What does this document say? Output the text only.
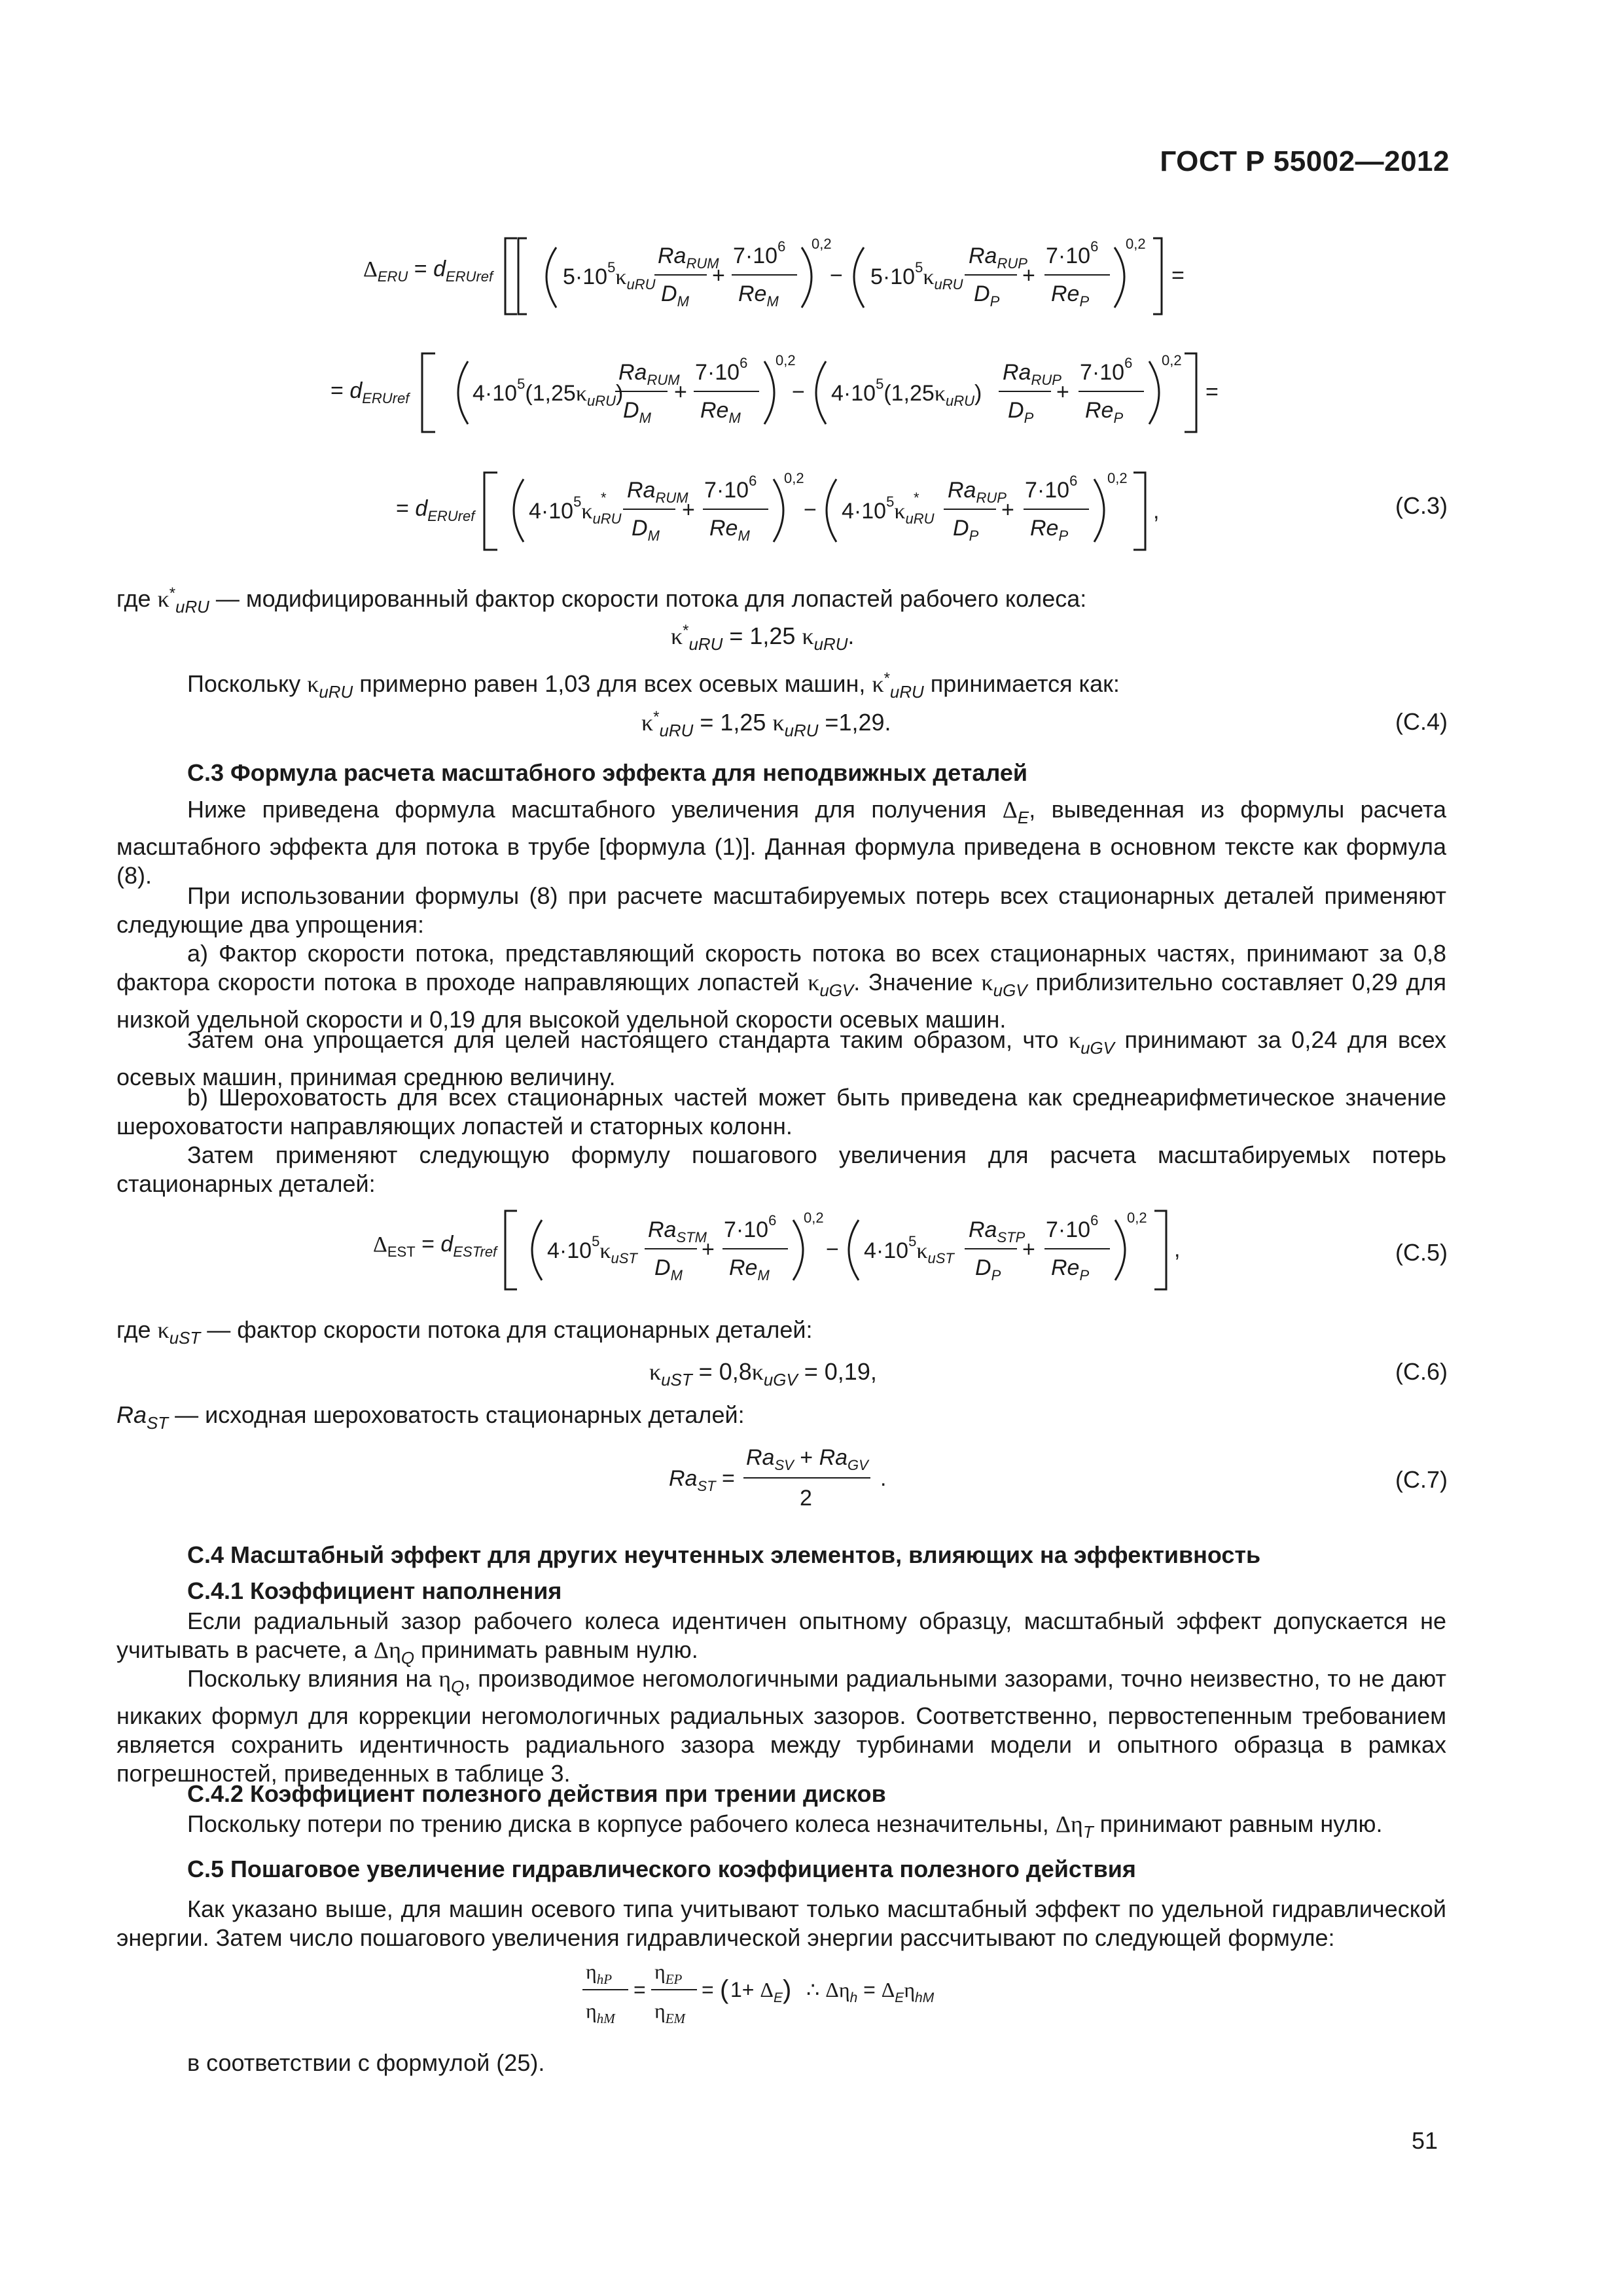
ГОСТ Р 55002—2012
$\Delta_{ERU} = d_{ERUref}$	$5\cdot 10^5\kappa_{uRU}$
$Ra_{RUM}$
$D_M$
+
$7\cdot 10^6$
$Re_M$
0,2
− $5\cdot 10^5\kappa_{uRU}$
$Ra_{RUP}$
$D_P$
+
$7\cdot 10^6$
$Re_P$
0,2
=
= $d_{ERUref}$	$4\cdot 10^5(1,25\kappa_{uRU})$
$Ra_{RUM}$
$D_M$
+
$7\cdot 10^6$
$Re_M$
0,2
− $4\cdot 10^5(1,25\kappa_{uRU})$
$Ra_{RUP}$
$D_P$
+
$7\cdot 10^6$
$Re_P$
0,2
=
= $d_{ERUref}$ $4\cdot 10^5\kappa_{uRU}$
* $Ra_{RUM}$
$D_M$
+
$7\cdot 10^6$
$Re_M$
0,2
− $4\cdot 10^5\kappa_{uRU}$
* $Ra_{RUP}$
$D_P$
+
$7\cdot 10^6$
$Re_P$
0,2
,	(С.3)
где $\kappa^*_{uRU}$ — модифицированный фактор скорости потока для лопастей рабочего колеса:
$\kappa^*_{uRU} = 1,25$ $\kappa_{uRU}$.
Поскольку $\kappa_{uRU}$ примерно равен 1,03 для всех осевых машин, $\kappa^*_{uRU}$ принимается как:
$\kappa^*_{uRU} = 1,25$ $\kappa_{uRU} =1,29$.	(С.4)
С.3 Формула расчета масштабного эффекта для неподвижных деталей
Ниже приведена формула масштабного увеличения для получения $\Delta_E$, выведенная из формулы расчета масштабного эффекта для потока в трубе [формула (1)]. Данная формула приведена в основном тексте как формула (8).
При использовании формулы (8) при расчете масштабируемых потерь всех стационарных деталей применяют следующие два упрощения:
а) Фактор скорости потока, представляющий скорость потока во всех стационарных частях, принимают за 0,8 фактора скорости потока в проходе направляющих лопастей $\kappa_{uGV}$. Значение $\kappa_{uGV}$ приблизительно составляет 0,29 для низкой удельной скорости и 0,19 для высокой удельной скорости осевых машин.
Затем она упрощается для целей настоящего стандарта таким образом, что $\kappa_{uGV}$ принимают за 0,24 для всех осевых машин, принимая среднюю величину.
b) Шероховатость для всех стационарных частей может быть приведена как среднеарифметическое значение шероховатости направляющих лопастей и статорных колонн.
Затем применяют следующую формулу пошагового увеличения для расчета масштабируемых потерь стационарных деталей:
$\Delta_{EST} = d_{ESTref}$ $4\cdot 10^5\kappa_{uST}$
$Ra_{STM}$
$D_M$
+
$7\cdot 10^6$
$Re_M$
0,2
− $4\cdot 10^5\kappa_{uST}$
$Ra_{STP}$
$D_P$
+
$7\cdot 10^6$
$Re_P$
0,2
,	(С.5)
где $\kappa_{uST}$ — фактор скорости потока для стационарных деталей:
$\kappa_{uST} = 0,8\kappa_{uGV} = 0,19$,	(С.6)
$Ra_{ST}$ — исходная шероховатость стационарных деталей:
$Ra_{ST}$ =
$Ra_{SV} + Ra_{GV}$
2
.	(С.7)
С.4 Масштабный эффект для других неучтенных элементов, влияющих на эффективность
С.4.1 Коэффициент наполнения
Если радиальный зазор рабочего колеса идентичен опытному образцу, масштабный эффект допускается не учитывать в расчете, а $\Delta\eta_Q$ принимать равным нулю.
Поскольку влияния на $\eta_Q$, производимое негомологичными радиальными зазорами, точно неизвестно, то не дают никаких формул для коррекции негомологичных радиальных зазоров. Соответственно, первостепенным требованием является сохранить идентичность радиального зазора между турбинами модели и опытного образца в рамках погрешностей, приведенных в таблице 3.
С.4.2 Коэффициент полезного действия при трении дисков
Поскольку потери по трению диска в корпусе рабочего колеса незначительны, $\Delta\eta_T$ принимают равным нулю.
С.5 Пошаговое увеличение гидравлического коэффициента полезного действия
Как указано выше, для машин осевого типа учитывают только масштабный эффект по удельной гидравлической энергии. Затем число пошагового увеличения гидравлической энергии рассчитывают по следующей формуле:
$\eta_{hP}$
$\eta_{hM}$
=
$\eta_{EP}$
$\eta_{EM}$
= ( $1+ \Delta_E$ ) ∴ $\Delta\eta_h = \Delta_E\eta_{hM}$
в соответствии с формулой (25).
51
